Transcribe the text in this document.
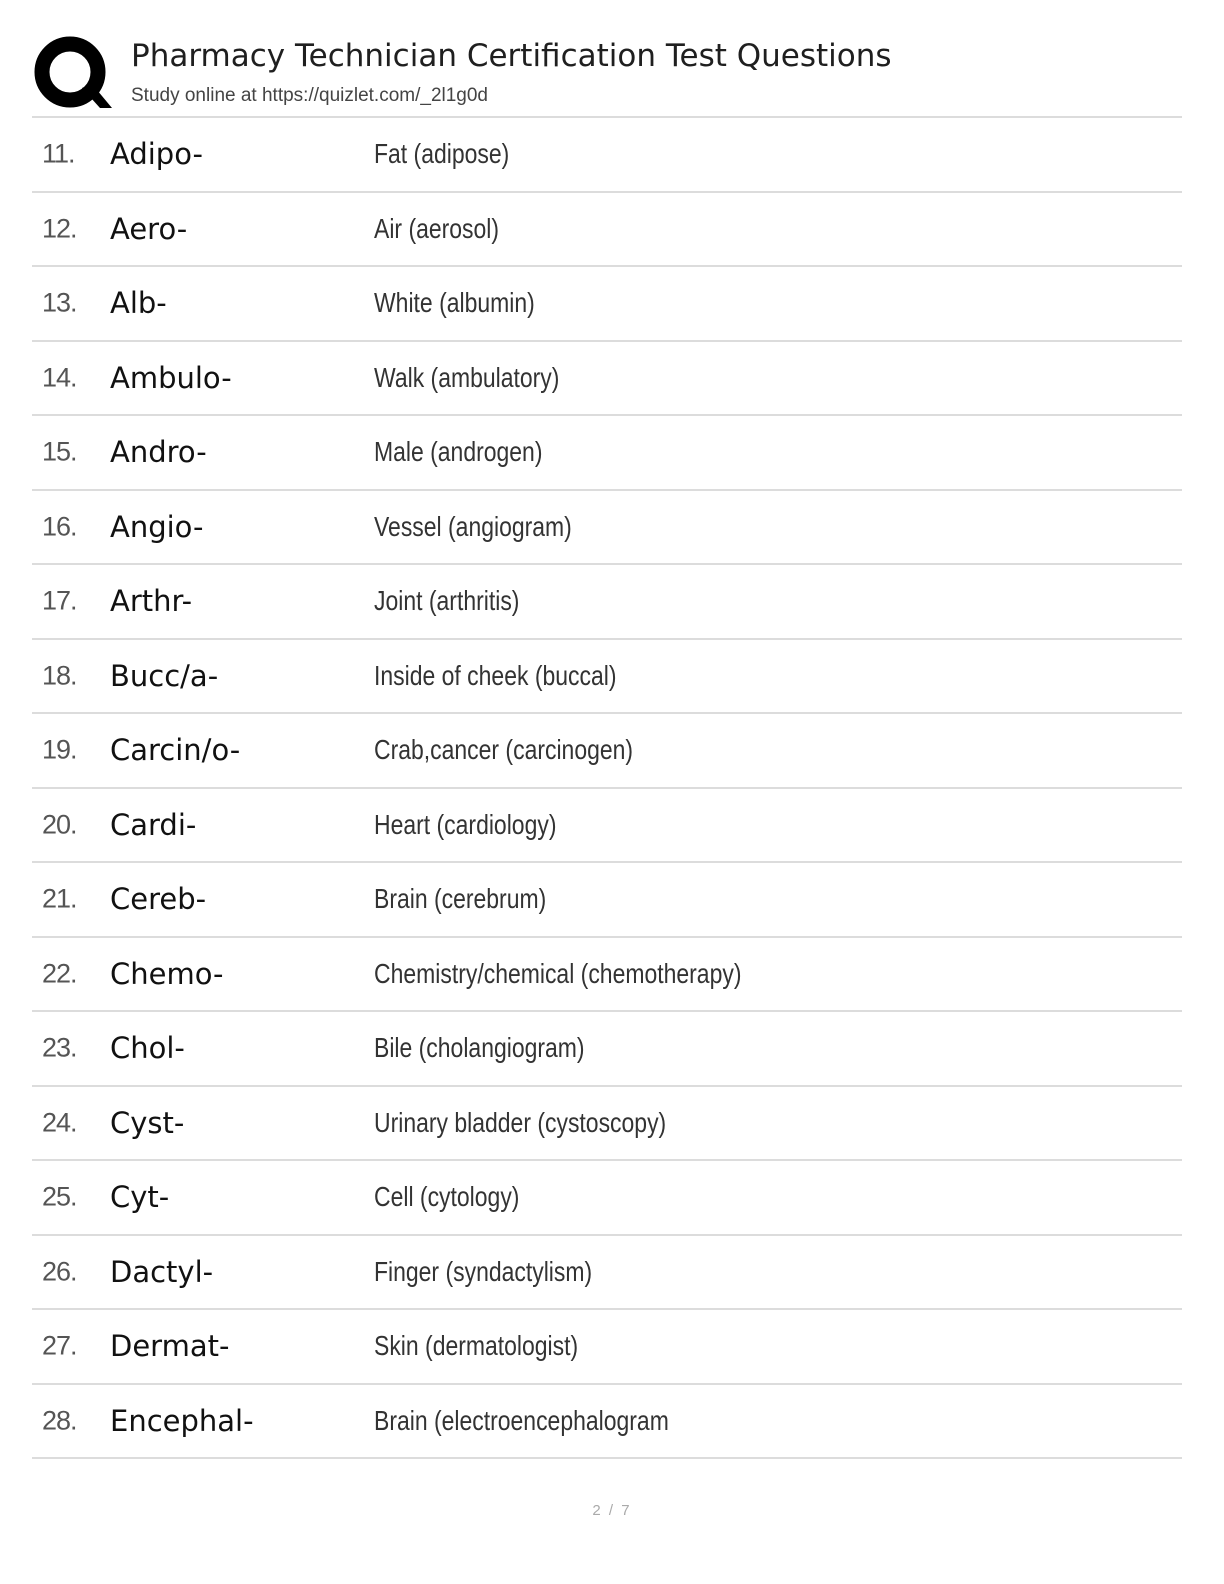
Pharmacy Technician Certification Test Questions
Study online at https://quizlet.com/_2l1g0d
11. Adipo-	Fat (adipose)
12. Aero-	Air (aerosol)
13. Alb-	White (albumin)
14. Ambulo-	Walk (ambulatory)
15. Andro-	Male (androgen)
16. Angio-	Vessel (angiogram)
17. Arthr-	Joint (arthritis)
18. Bucc/a-	Inside of cheek (buccal)
19. Carcin/o-	Crab,cancer (carcinogen)
20. Cardi-	Heart (cardiology)
21. Cereb-	Brain (cerebrum)
22. Chemo-	Chemistry/chemical (chemotherapy)
23. Chol-	Bile (cholangiogram)
24. Cyst-	Urinary bladder (cystoscopy)
25. Cyt-	Cell (cytology)
26. Dactyl-	Finger (syndactylism)
27. Dermat-	Skin (dermatologist)
28. Encephal-	Brain (electroencephalogram
2 / 7
